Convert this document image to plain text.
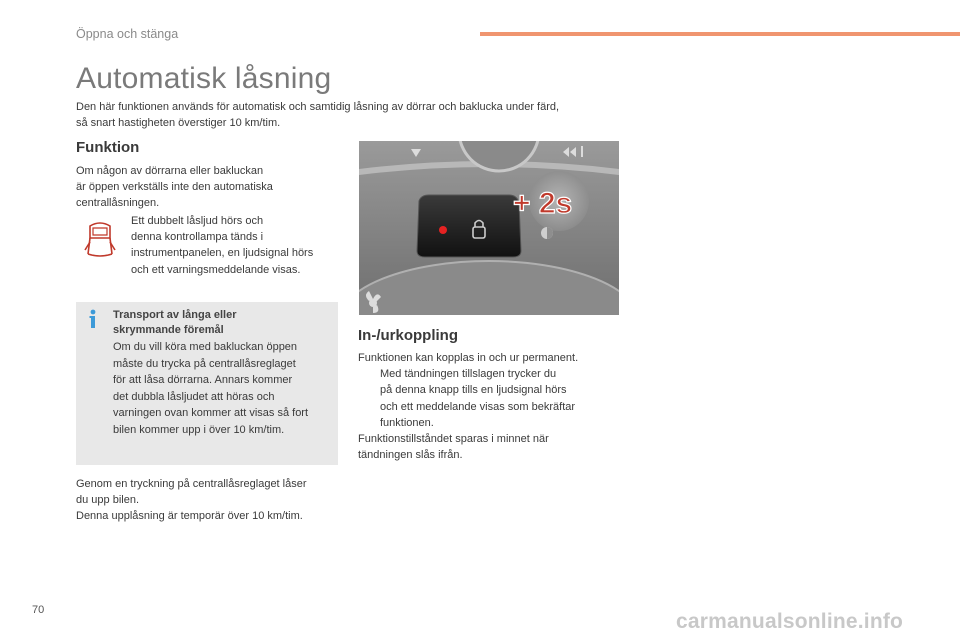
Öppna och stänga
Automatisk låsning
Den här funktionen används för automatisk och samtidig låsning av dörrar och baklucka under färd,
så snart hastigheten överstiger 10 km/tim.
Funktion
Om någon av dörrarna eller bakluckan
är öppen verkställs inte den automatiska
centrallåsningen.
Ett dubbelt låsljud hörs och
denna kontrollampa tänds i
instrumentpanelen, en ljudsignal hörs
och ett varningsmeddelande visas.
Transport av långa eller
skrymmande föremål
Om du vill köra med bakluckan öppen
måste du trycka på centrallåsreglaget
för att låsa dörrarna. Annars kommer
det dubbla låsljudet att höras och
varningen ovan kommer att visas så fort
bilen kommer upp i över 10 km/tim.
Genom en tryckning på centrallåsreglaget låser
du upp bilen.
Denna upplåsning är temporär över 10 km/tim.
+ 2s
In-/urkoppling
Funktionen kan kopplas in och ur permanent.
Med tändningen tillslagen trycker du
på denna knapp tills en ljudsignal hörs
och ett meddelande visas som bekräftar
funktionen.
Funktionstillståndet sparas i minnet när
tändningen slås ifrån.
70	carmanualsonline.info
